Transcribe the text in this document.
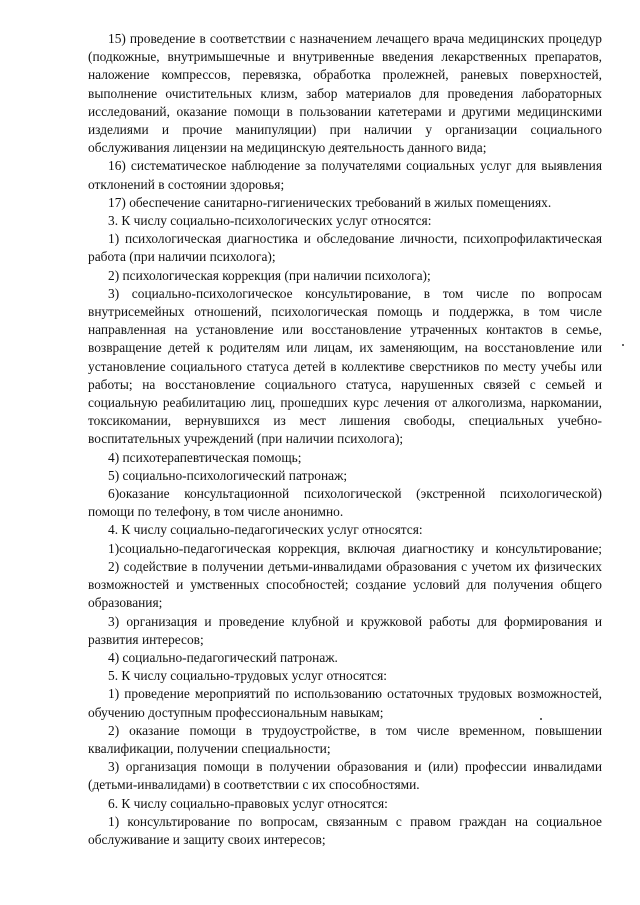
15) проведение в соответствии с назначением лечащего врача медицинских процедур (подкожные, внутримышечные и внутривенные введения лекарственных препаратов, наложение компрессов, перевязка, обработка пролежней, раневых поверхностей, выполнение очистительных клизм, забор материалов для проведения лабораторных исследований, оказание помощи в пользовании катетерами и другими медицинскими изделиями и прочие манипуляции) при наличии у организации социального обслуживания лицензии на медицинскую деятельность данного вида;

16) систематическое наблюдение за получателями социальных услуг для выявления отклонений в состоянии здоровья;

17) обеспечение санитарно-гигиенических требований в жилых помещениях.

3. К числу социально-психологических услуг относятся:

1) психологическая диагностика и обследование личности, психопрофилактическая работа (при наличии психолога);

2) психологическая коррекция (при наличии психолога);

3) социально-психологическое консультирование, в том числе по вопросам внутрисемейных отношений, психологическая помощь и поддержка, в том числе направленная на установление или восстановление утраченных контактов в семье, возвращение детей к родителям или лицам, их заменяющим, на восстановление или установление социального статуса детей в коллективе сверстников по месту учебы или работы; на восстановление социального статуса, нарушенных связей с семьей и социальную реабилитацию лиц, прошедших курс лечения от алкоголизма, наркомании, токсикомании, вернувшихся из мест лишения свободы, специальных учебно-воспитательных учреждений (при наличии психолога);

4) психотерапевтическая помощь;

5) социально-психологический патронаж;

6)оказание консультационной психологической (экстренной психологической) помощи по телефону, в том числе анонимно.

4. К числу социально-педагогических услуг относятся:

1)социально-педагогическая коррекция, включая диагностику и консультирование;

2) содействие в получении детьми-инвалидами образования с учетом их физических возможностей и умственных способностей; создание условий для получения общего образования;

3) организация и проведение клубной и кружковой работы для формирования и развития интересов;

4) социально-педагогический патронаж.

5. К числу социально-трудовых услуг относятся:

1) проведение мероприятий по использованию остаточных трудовых возможностей, обучению доступным профессиональным навыкам;

2) оказание помощи в трудоустройстве, в том числе временном, повышении квалификации, получении специальности;

3) организация помощи в получении образования и (или) профессии инвалидами (детьми-инвалидами) в соответствии с их способностями.

6. К числу социально-правовых услуг относятся:

1) консультирование по вопросам, связанным с правом граждан на социальное обслуживание и защиту своих интересов;
